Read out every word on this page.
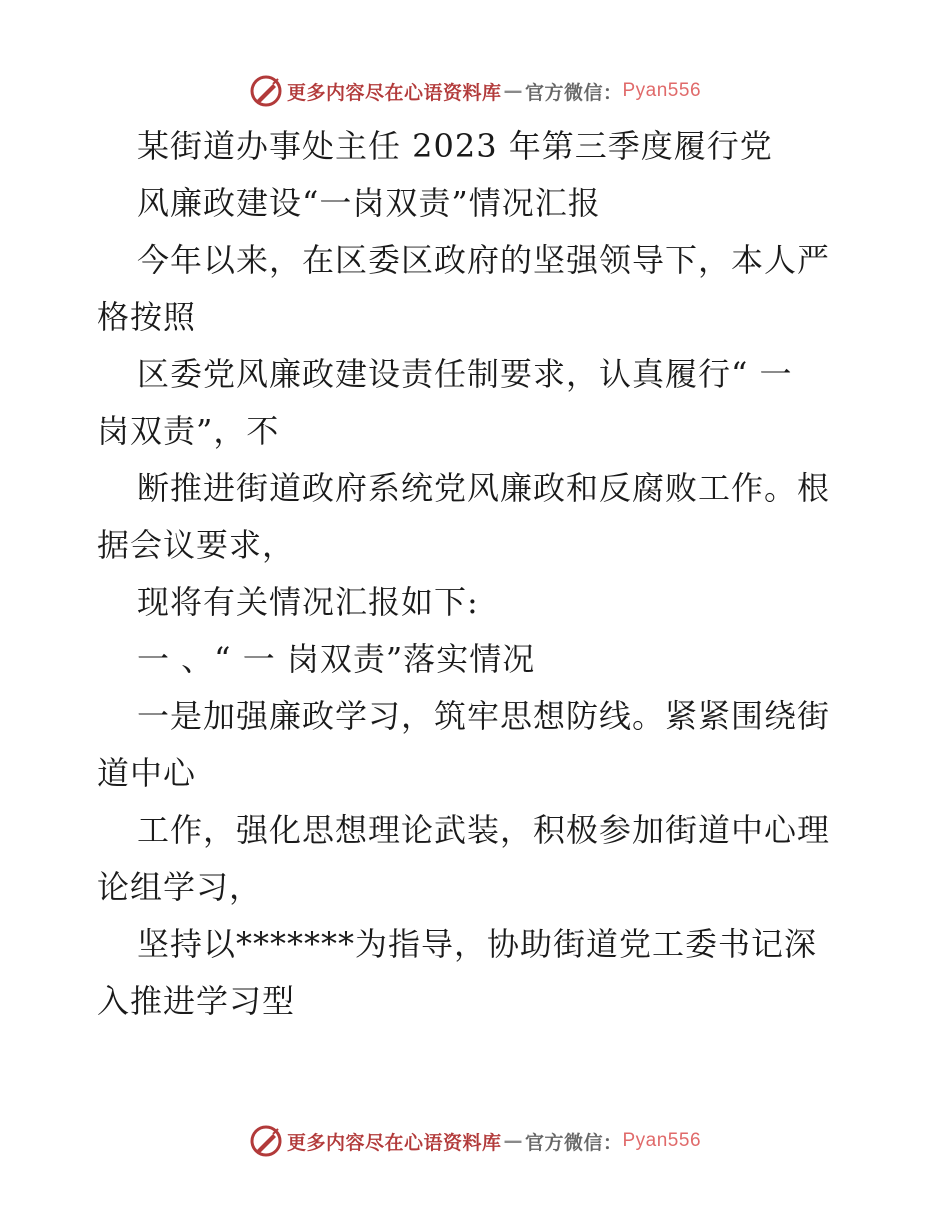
更多内容尽在心语资料库 — 官方微信： Pyan556
某街道办事处主任 2023 年第三季度履行党
风廉政建设“一岗双责”情况汇报
今年以来，在区委区政府的坚强领导下，本人严
格按照
区委党风廉政建设责任制要求，认真履行“ 一
岗双责”，不
断推进街道政府系统党风廉政和反腐败工作。根
据会议要求，
现将有关情况汇报如下:
一 、“ 一 岗双责”落实情况
一是加强廉政学习，筑牢思想防线。紧紧围绕街
道中心
工作，强化思想理论武装，积极参加街道中心理
论组学习，
坚持以*******为指导，协助街道党工委书记深
入推进学习型
更多内容尽在心语资料库 — 官方微信： Pyan556
